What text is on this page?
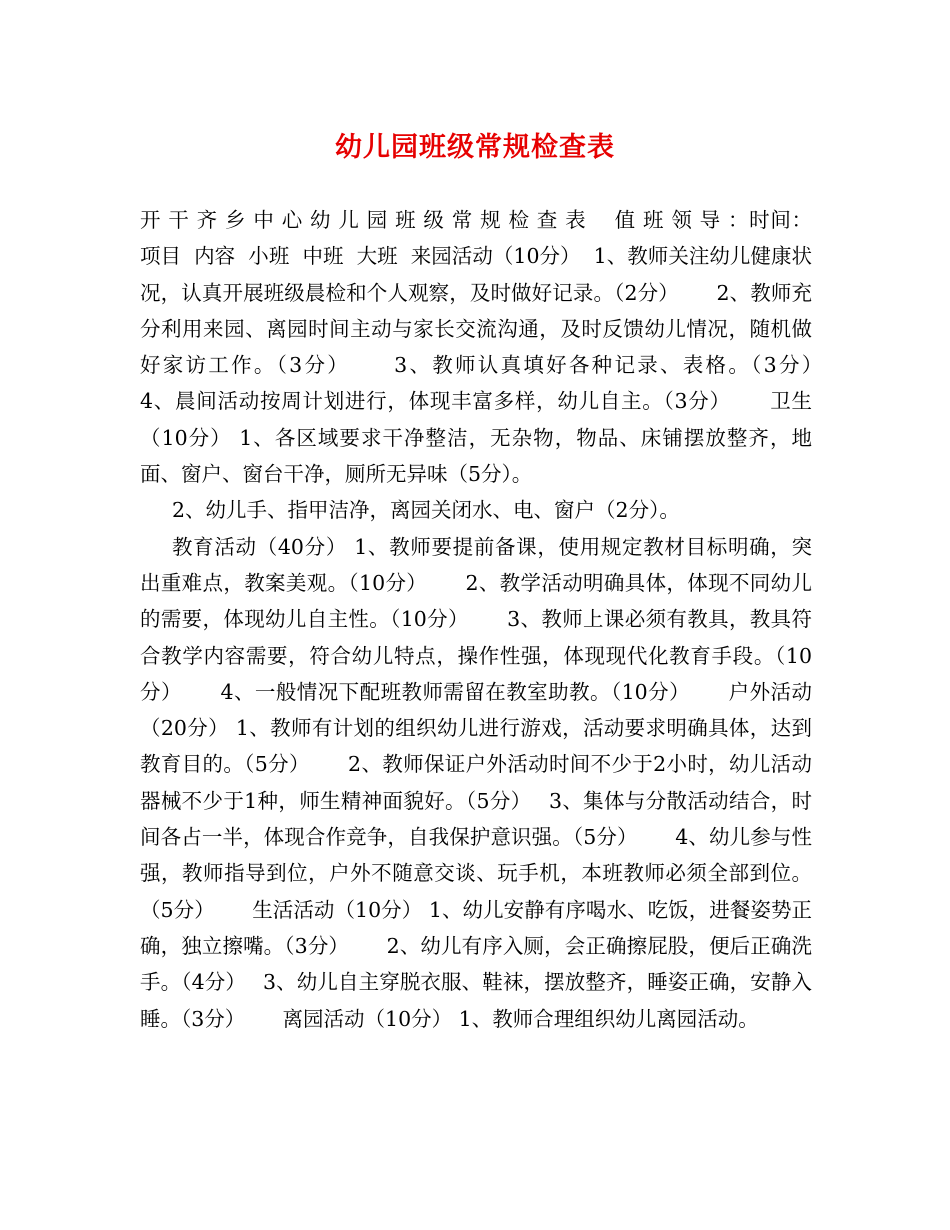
幼儿园班级常规检查表

开 干 齐 乡 中 心 幼 儿 园 班 级 常 规 检 查 表　 值 班 领 导 ：时间：  项目  内容  小班  中班  大班  来园活动（10分）  1、教师关注幼儿健康状况，认真开展班级晨检和个人观察，及时做好记录。（2分）　　 2、教师充分利用来园、离园时间主动与家长交流沟通，及时反馈幼儿情况，随机做好家访工作。（3分）　　 3、教师认真填好各种记录、表格。（3分）　　 4、晨间活动按周计划进行，体现丰富多样，幼儿自主。（3分）　　 卫生（10分） 1、各区域要求干净整洁，无杂物，物品、床铺摆放整齐，地面、窗户、窗台干净，厕所无异味（5分）。

2、幼儿手、指甲洁净，离园关闭水、电、窗户（2分）。

教育活动（40分） 1、教师要提前备课，使用规定教材目标明确，突出重难点，教案美观。（10分）　　 2、教学活动明确具体，体现不同幼儿的需要，体现幼儿自主性。（10分）　　 3、教师上课必须有教具，教具符合教学内容需要，符合幼儿特点，操作性强，体现现代化教育手段。（10分）　　 4、一般情况下配班教师需留在教室助教。（10分）　　 户外活动（20分） 1、教师有计划的组织幼儿进行游戏，活动要求明确具体，达到教育目的。（5分）　　 2、教师保证户外活动时间不少于2小时，幼儿活动器械不少于1种，师生精神面貌好。（5分）　 3、集体与分散活动结合，时间各占一半，体现合作竞争，自我保护意识强。（5分）　　 4、幼儿参与性强，教师指导到位，户外不随意交谈、玩手机，本班教师必须全部到位。（5分）　　 生活活动（10分） 1、幼儿安静有序喝水、吃饭，进餐姿势正确，独立擦嘴。（3分）　　 2、幼儿有序入厕，会正确擦屁股，便后正确洗手。（4分）　 3、幼儿自主穿脱衣服、鞋袜，摆放整齐，睡姿正确，安静入睡。（3分）　　 离园活动（10分） 1、教师合理组织幼儿离园活动。
